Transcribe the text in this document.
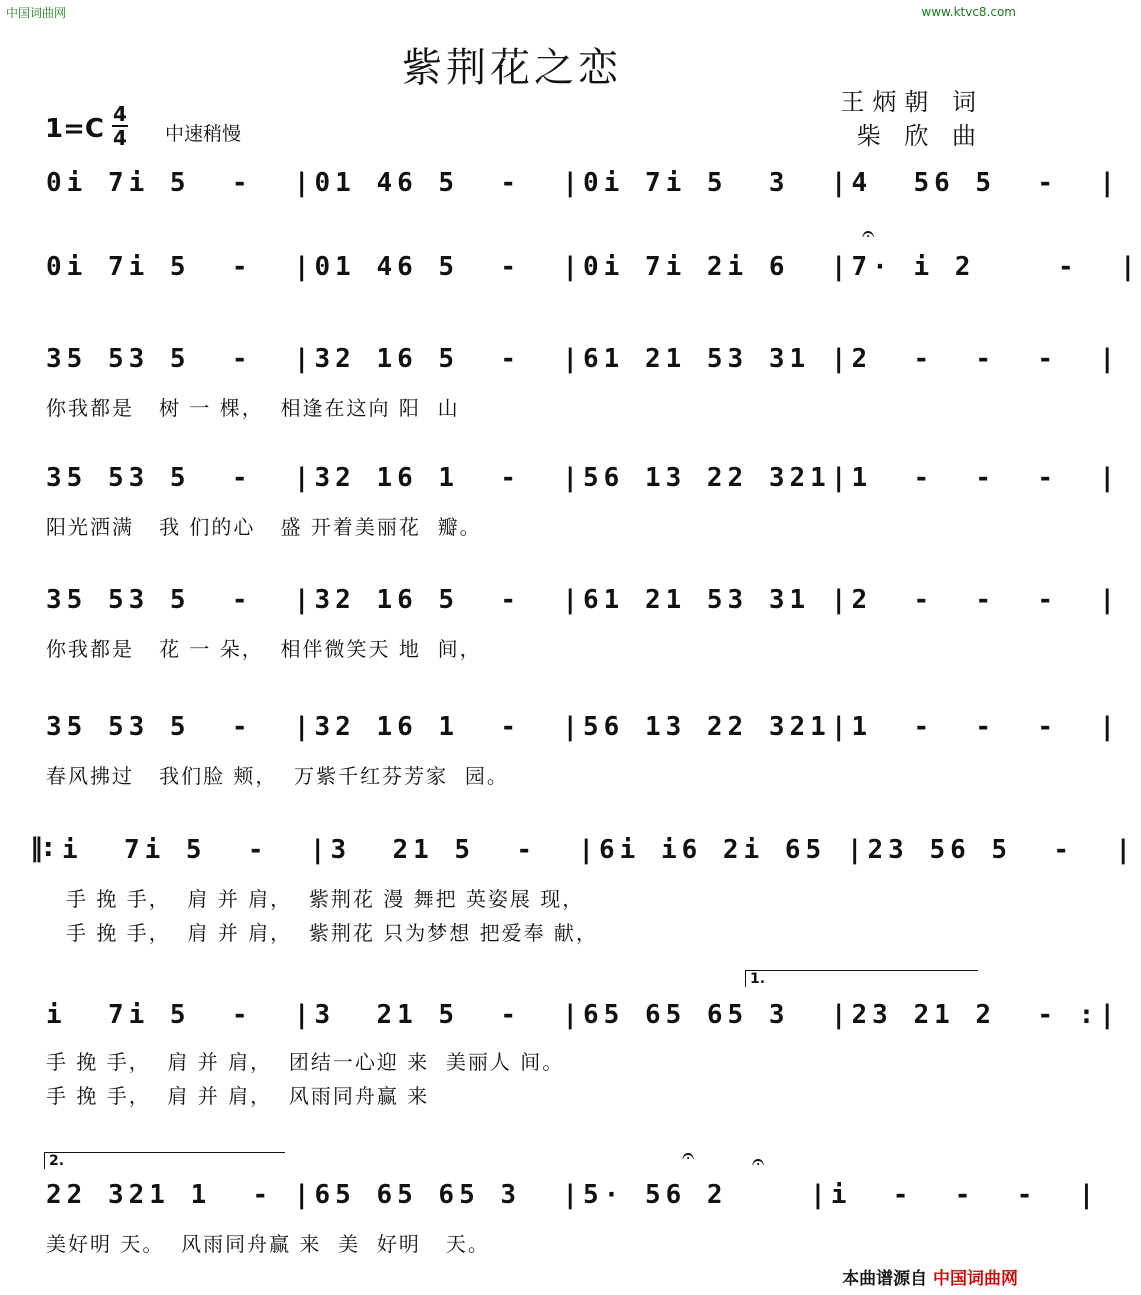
中国词曲网	www.ktvc8.com
紫荆花之恋
王炳朝 词
柴 欣 曲
1=C 4
4 中速稍慢
0i 7i 5  -  |01 46 5  -  |0i 7i 5  3  |4  56 5  -  |
0i 7i 5  -  |01 46 5  -  |0i 7i 2i 6  |7· i 2    -  |
𝄐
35 53 5  -  |32 16 5  -  |61 21 53 31 |2  -  -  -  |
你我都是   树 一 棵，  相逢在这向 阳  山
35 53 5  -  |32 16 1  -  |56 13 22 321|1  -  -  -  |
阳光洒满   我 们的心   盛 开着美丽花  瓣。
35 53 5  -  |32 16 5  -  |61 21 53 31 |2  -  -  -  |
你我都是   花 一 朵，  相伴微笑天 地  间，
35 53 5  -  |32 16 1  -  |56 13 22 321|1  -  -  -  |
春风拂过   我们脸 颊，  万紫千红芬芳家  园。
‖: i  7i 5  -  |3  21 5  -  |6i i6 2i 65 |23 56 5  -  |
手 挽 手，  肩 并 肩，  紫荆花 漫 舞把 英姿展 现，
手 挽 手，  肩 并 肩，  紫荆花 只为梦想 把爱奉 献，
1.
i  7i 5  -  |3  21 5  -  |65 65 65 3  |23 21 2  - :|
手 挽 手，  肩 并 肩，  团结一心迎 来  美丽人 间。
手 挽 手，  肩 并 肩，  风雨同舟赢 来
2.
22 321 1  - |65 65 65 3  |5· 56 2    |i  -  -  -  |
𝄐	𝄐
美好明 天。  风雨同舟赢 来  美  好明   天。
本曲谱源自 中国词曲网
